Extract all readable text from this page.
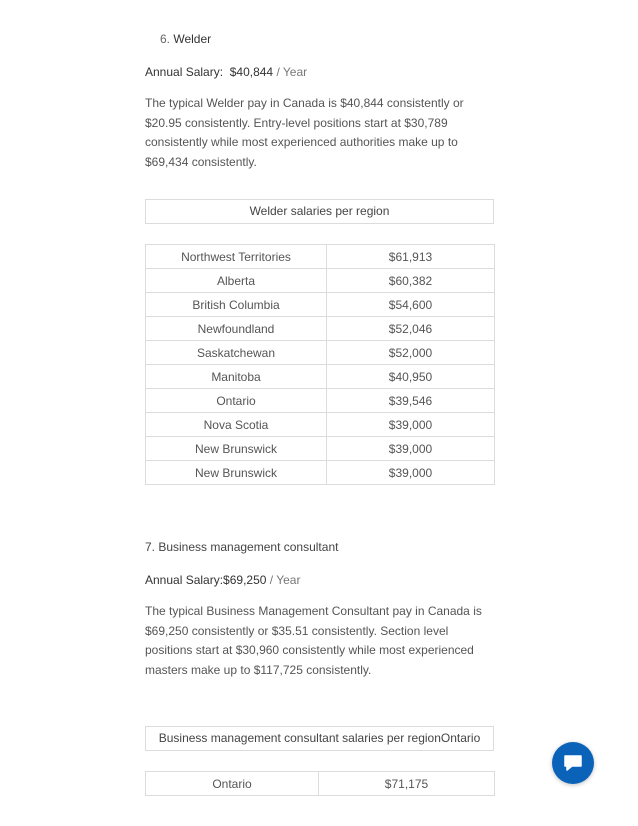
6. Welder

Annual Salary: $40,844 / Year

The typical Welder pay in Canada is $40,844 consistently or $20.95 consistently. Entry-level positions start at $30,789 consistently while most experienced authorities make up to $69,434 consistently.

Welder salaries per region
Northwest Territories	$61,913
Alberta	$60,382
British Columbia	$54,600
Newfoundland	$52,046
Saskatchewan	$52,000
Manitoba	$40,950
Ontario	$39,546
Nova Scotia	$39,000
New Brunswick	$39,000
New Brunswick	$39,000

7. Business management consultant

Annual Salary:$69,250 / Year

The typical Business Management Consultant pay in Canada is $69,250 consistently or $35.51 consistently. Section level positions start at $30,960 consistently while most experienced masters make up to $117,725 consistently.

Business management consultant salaries per regionOntario
Ontario	$71,175
